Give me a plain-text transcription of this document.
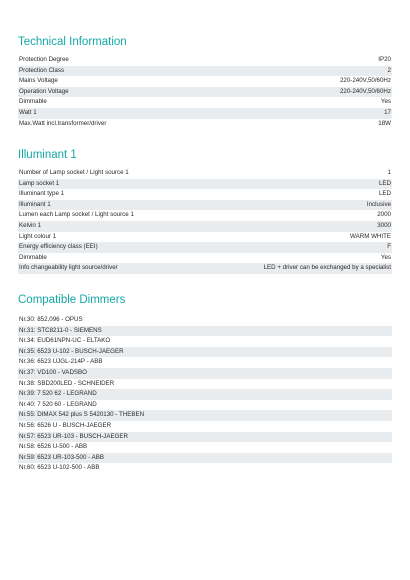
Technical Information
Protection Degree	IP20
Protection Class	2
Mains Voltage	220-240V,50/60Hz
Operation Voltage	220-240V,50/60Hz
Dimmable	Yes
Watt 1	17
Max.Watt incl.transformer/driver	18W
Illuminant 1
Number of Lamp socket / Light source 1	1
Lamp socket 1	LED
Illuminant type 1	LED
Illuminant 1	Inclusive
Lumen each Lamp socket / Light source 1	2000
Kelvin 1	3000
Light colour 1	WARM WHITE
Energy efficiency class (EEI)	F
Dimmable	Yes
Info changeability light source/driver	LED + driver can be exchanged by a specialist
Compatible Dimmers
Nr.30: 852,096 - OPUS
Nr.31: STC8211-0 - SIEMENS
Nr.34: EUD61NPN-UC - ELTAKO
Nr.35: 6523 U-102 - BUSCH-JAEGER
Nr.36: 6523 UJGL-214P - ABB
Nr.37: VD100 - VADSBO
Nr.38: SBD200LED - SCHNEIDER
Nr.39: 7 520 62 - LEGRAND
Nr.40: 7 520 60 - LEGRAND
Nr.55: DIMAX 542 plus S 5420130 - THEBEN
Nr.56: 6526 U - BUSCH-JAEGER
Nr.57: 6523 UR-103 - BUSCH-JAEGER
Nr.58: 6526 U-500 - ABB
Nr.59: 6523 UR-103-500 - ABB
Nr.60: 6523 U-102-500 - ABB
